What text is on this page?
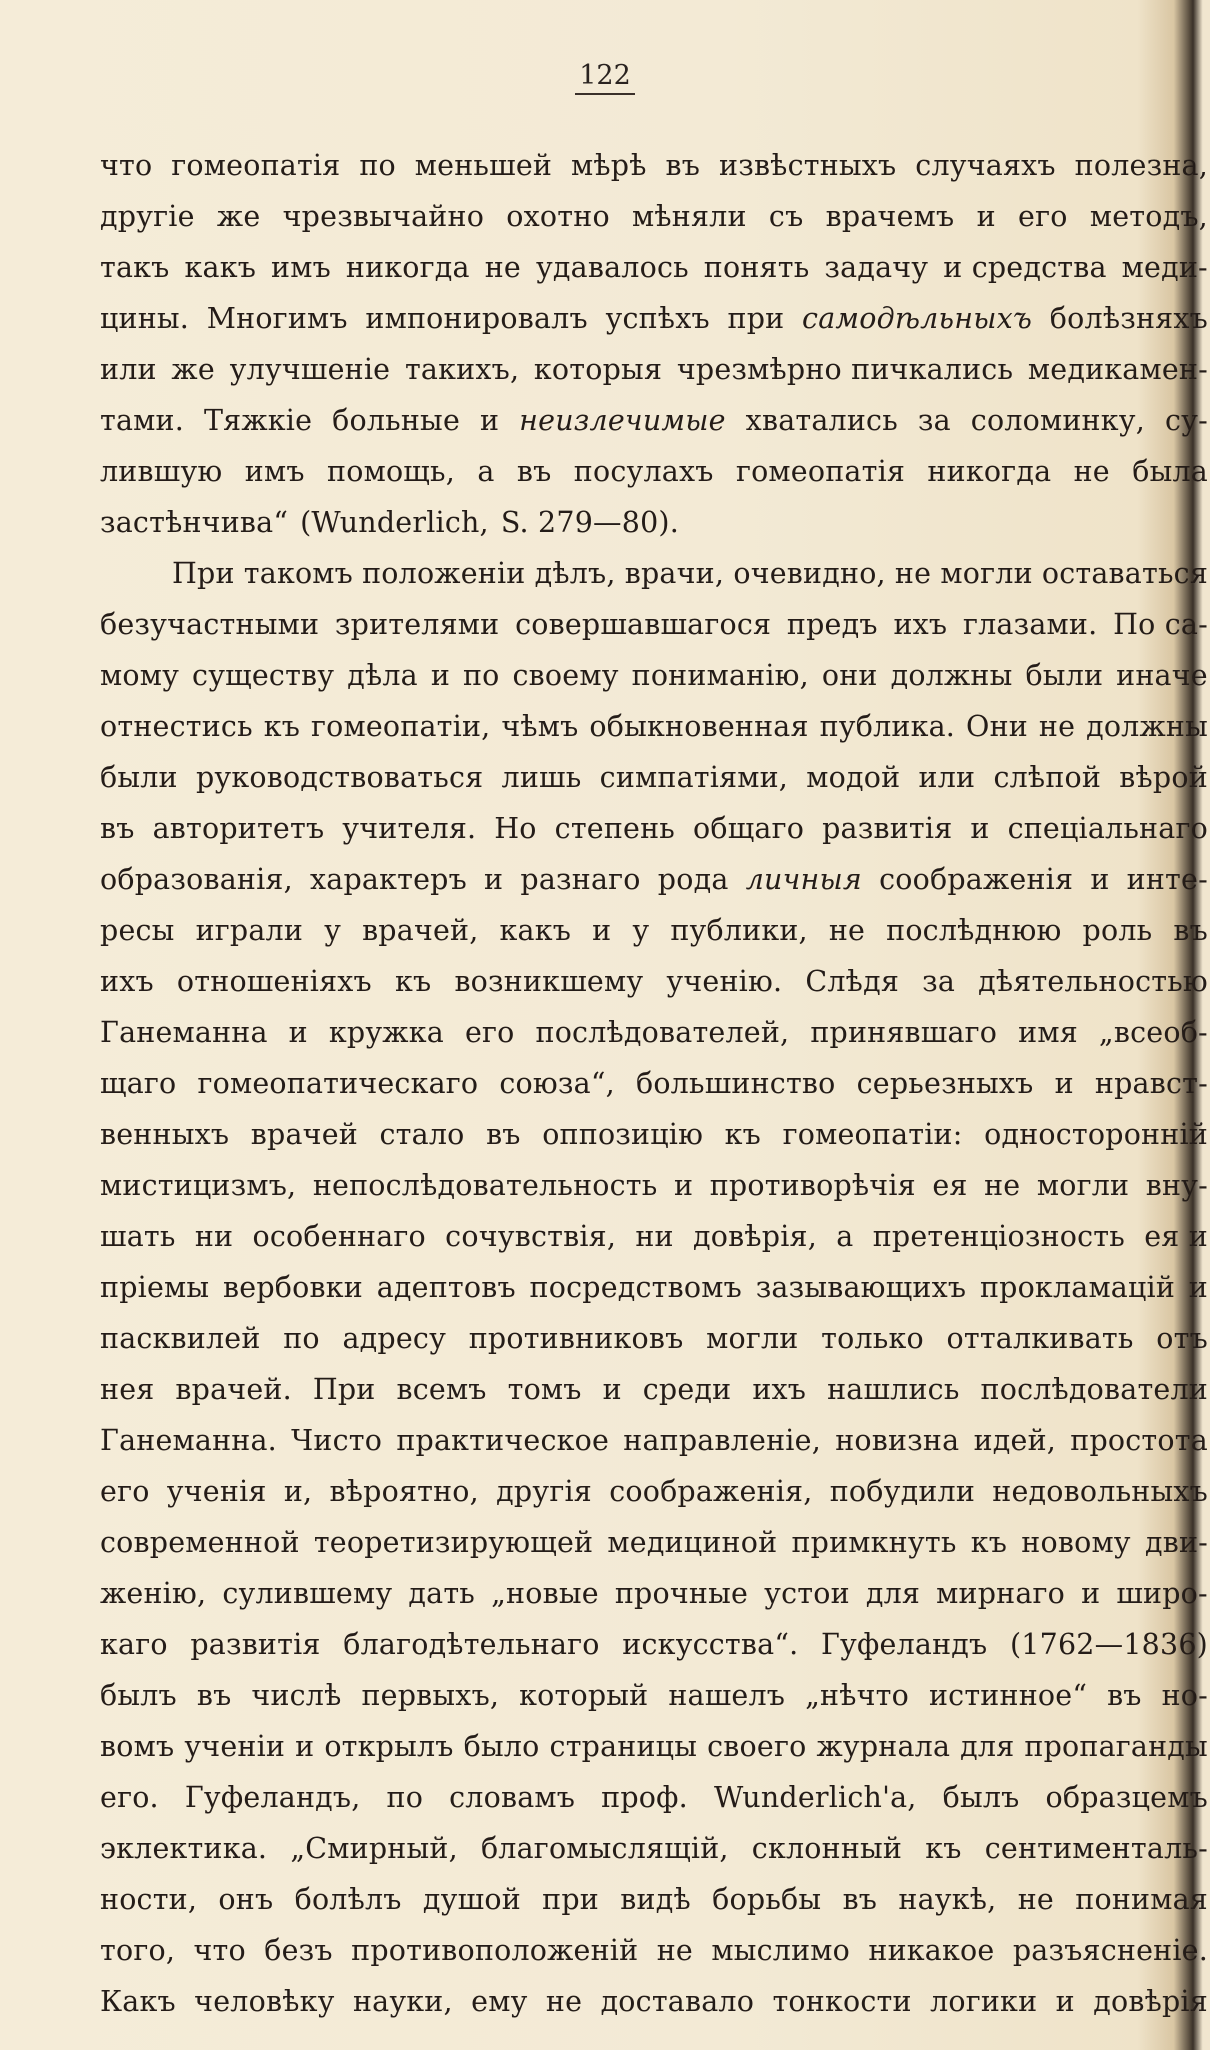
122
что гомеопатія по меньшей мѣрѣ въ извѣстныхъ случаяхъ полезна,
другіе же чрезвычайно охотно мѣняли съ врачемъ и его методъ,
такъ какъ имъ никогда не удавалось понять задачу и средства меди-
цины. Многимъ импонировалъ успѣхъ при самодѣльныхъ болѣзняхъ
или же улучшеніе такихъ, которыя чрезмѣрно пичкались медикамен-
тами. Тяжкіе больные и неизлечимые хватались за соломинку, су-
лившую имъ помощь, а въ посулахъ гомеопатія никогда не была
застѣнчива“ (Wunderlich, S. 279—80).
При такомъ положеніи дѣлъ, врачи, очевидно, не могли оставаться
безучастными зрителями совершавшагося предъ ихъ глазами. По са-
мому существу дѣла и по своему пониманію, они должны были иначе
отнестись къ гомеопатіи, чѣмъ обыкновенная публика. Они не должны
были руководствоваться лишь симпатіями, модой или слѣпой вѣрой
въ авторитетъ учителя. Но степень общаго развитія и спеціальнаго
образованія, характеръ и разнаго рода личныя соображенія и инте-
ресы играли у врачей, какъ и у публики, не послѣднюю роль въ
ихъ отношеніяхъ къ возникшему ученію. Слѣдя за дѣятельностью
Ганеманна и кружка его послѣдователей, принявшаго имя „всеоб-
щаго гомеопатическаго союза“, большинство серьезныхъ и нравст-
венныхъ врачей стало въ оппозицію къ гомеопатіи: односторонній
мистицизмъ, непослѣдовательность и противорѣчія ея не могли вну-
шать ни особеннаго сочувствія, ни довѣрія, а претенціозность ея и
пріемы вербовки адептовъ посредствомъ зазывающихъ прокламацій и
пасквилей по адресу противниковъ могли только отталкивать отъ
нея врачей. При всемъ томъ и среди ихъ нашлись послѣдователи
Ганеманна. Чисто практическое направленіе, новизна идей, простота
его ученія и, вѣроятно, другія соображенія, побудили недовольныхъ
современной теоретизирующей медициной примкнуть къ новому дви-
женію, сулившему дать „новые прочные устои для мирнаго и широ-
каго развитія благодѣтельнаго искусства“. Гуфеландъ (1762—1836)
былъ въ числѣ первыхъ, который нашелъ „нѣчто истинное“ въ но-
вомъ ученіи и открылъ было страницы своего журнала для пропаганды
его. Гуфеландъ, по словамъ проф. Wunderlich'а, былъ образцемъ
эклектика. „Смирный, благомыслящій, склонный къ сентименталь-
ности, онъ болѣлъ душой при видѣ борьбы въ наукѣ, не понимая
того, что безъ противоположеній не мыслимо никакое разъясненіе.
Какъ человѣку науки, ему не доставало тонкости логики и довѣрія
